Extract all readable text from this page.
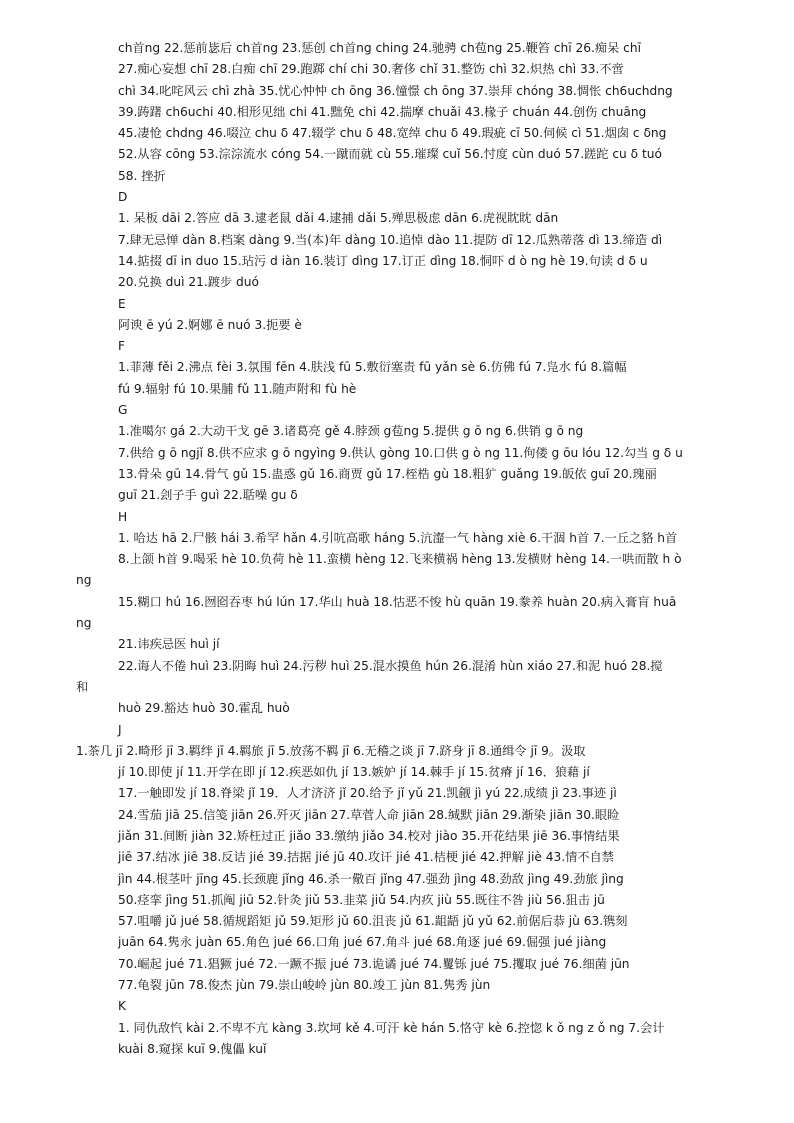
ch首ng 22.惩前毖后 ch首ng 23.惩创 ch首ng ching 24.驰骋 ch苞ng 25.鞭笞 chī 26.痴呆 chī
27.痴心妄想 chī 28.白痴 chī 29.跑踯 chí chi 30.奢侈 chǐ 31.整饬 chì 32.炽热 chì 33.不啻
chì 34.叱咤风云 chì zhà 35.忧心忡忡 ch ōng 36.憧憬 ch ōng 37.崇拜 chóng 38.惆怅 ch6uchdng
39.踌躇 ch6uchi 40.相形见绌 chi 41.黜免 chi 42.揣摩 chuǎi 43.椽子 chuán 44.创伤 chuāng
45.凄怆 chdng 46.啜泣 chu δ 47.辍学 chu δ 48.宽绰 chu δ 49.瑕疵 cī 50.伺候 cì 51.烟囱 c δng
52.从容 cōng 53.淙淙流水 cóng 54.一蹴而就 cù 55.璀璨 cuǐ 56.忖度 cùn duó 57.蹉跎 cu δ tuó
58. 挫折
D
1. 呆板 dāi 2.答应 dā 3.逮老鼠 dǎi 4.逮捕 dǎi 5.殚思极虑 dān 6.虎视眈眈 dān
7.肆无忌惮 dàn 8.档案 dàng 9.当(本)年 dàng 10.追悼 dào 11.提防 dī 12.瓜熟蒂落 dì 13.缔造 dì
14.掂掇 dī in duo 15.玷污 d iàn 16.装订 dìng 17.订正 dìng 18.恫吓 d ò ng hè 19.句读 d δ u
20.兑换 duì 21.踱步 duó
E
阿谀 ē yú 2.婀娜 ē nuó 3.扼要 è
F
1.菲薄 fěi 2.沸点 fèi 3.氛围 fēn 4.肤浅 fū 5.敷衍塞责 fū yǎn sè 6.仿佛 fú 7.凫水 fú 8.篇幅
fú 9.辐射 fú 10.果脯 fǔ 11.随声附和 fù hè
G
1.准噶尔 gá 2.大动干戈 gē 3.诸葛亮 gě 4.脖颈 g苞ng 5.提供 g ō ng 6.供销 g ō ng
7.供给 g ō ngjǐ 8.供不应求 g ō ngyìng 9.供认 gòng 10.口供 g ò ng 11.佝偻 g ōu lóu 12.勾当 g δ u
13.骨朵 gū 14.骨气 gǔ 15.蛊惑 gǔ 16.商贾 gǔ 17.桎梏 gù 18.粗犷 guǎng 19.皈依 guī 20.瑰丽
guī 21.刽子手 guì 22.聒噪 gu δ
H
1. 哈达 hā 2.尸骸 hái 3.希罕 hǎn 4.引吭高歌 háng 5.沆瀣一气 hàng xiè 6.干涸 h首 7.一丘之貉 h首
8.上颌 h首 9.喝采 hè 10.负荷 hè 11.蛮横 hèng 12.飞来横祸 hèng 13.发横财 hèng 14.一哄而散 h ò
ng
15.糊口 hú 16.囫囵吞枣 hú lún 17.华山 huà 18.怙恶不悛 hù quān 19.豢养 huàn 20.病入膏肓 huā
ng
21.讳疾忌医 huì jí
22.诲人不倦 huì 23.阴晦 huì 24.污秽 huì 25.混水摸鱼 hún 26.混淆 hùn xiáo 27.和泥 huó 28.搅
和
huò 29.豁达 huò 30.霍乱 huò
J
1.茶几 jī 2.畸形 jī 3.羁绊 jī 4.羁旅 jī 5.放荡不羁 jī 6.无稽之谈 jī 7.跻身 jī 8.通缉令 jī 9。汲取
jí 10.即使 jí 11.开学在即 jí 12.疾恶如仇 jí 13.嫉妒 jí 14.棘手 jí 15.贫瘠 jí 16．狼藉 jí
17.一触即发 jí 18.脊梁 jǐ 19．人才济济 jǐ 20.给予 jǐ yǔ 21.凯觎 jì yú 22.成绩 jì 23.事迹 jì
24.雪茄 jiā 25.信笺 jiān 26.歼灭 jiān 27.草菅人命 jiān 28.缄默 jiān 29.渐染 jiān 30.眼睑
jiǎn 31.间断 jiàn 32.矫枉过正 jiǎo 33.缴纳 jiǎo 34.校对 jiào 35.开花结果 jiē 36.事情结果
jiē 37.结冰 jiē 38.反诘 jié 39.拮据 jié jū 40.攻讦 jié 41.桔梗 jié 42.押解 jiè 43.情不自禁
jìn 44.根茎叶 jīng 45.长颈鹿 jǐng 46.杀一儆百 jǐng 47.强劲 jìng 48.劲敌 jìng 49.劲旅 jìng
50.痉挛 jìng 51.抓阄 jiū 52.针灸 jiǔ 53.韭菜 jiǔ 54.内疚 jiù 55.既往不咎 jiù 56.狙击 jū
57.咀嚼 jǔ jué 58.循规蹈矩 jǔ 59.矩形 jǔ 60.沮丧 jǔ 61.龃龉 jǔ yǔ 62.前倨后恭 jù 63.镌刻
juān 64.隽永 juàn 65.角色 jué 66.口角 jué 67.角斗 jué 68.角逐 jué 69.倔强 jué jiàng
70.崛起 jué 71.猖獗 jué 72.一蹶不振 jué 73.诡谲 jué 74.矍铄 jué 75.攫取 jué 76.细菌 jūn
77.龟裂 jūn 78.俊杰 jùn 79.崇山峻岭 jùn 80.竣工 jùn 81.隽秀 jùn
K
1. 同仇敌忾 kài 2.不卑不亢 kàng 3.坎坷 kě 4.可汗 kè hán 5.恪守 kè 6.控惚 k ǒ ng z ǒ ng 7.会计
kuài 8.窥探 kuī 9.傀儡 kuǐ
